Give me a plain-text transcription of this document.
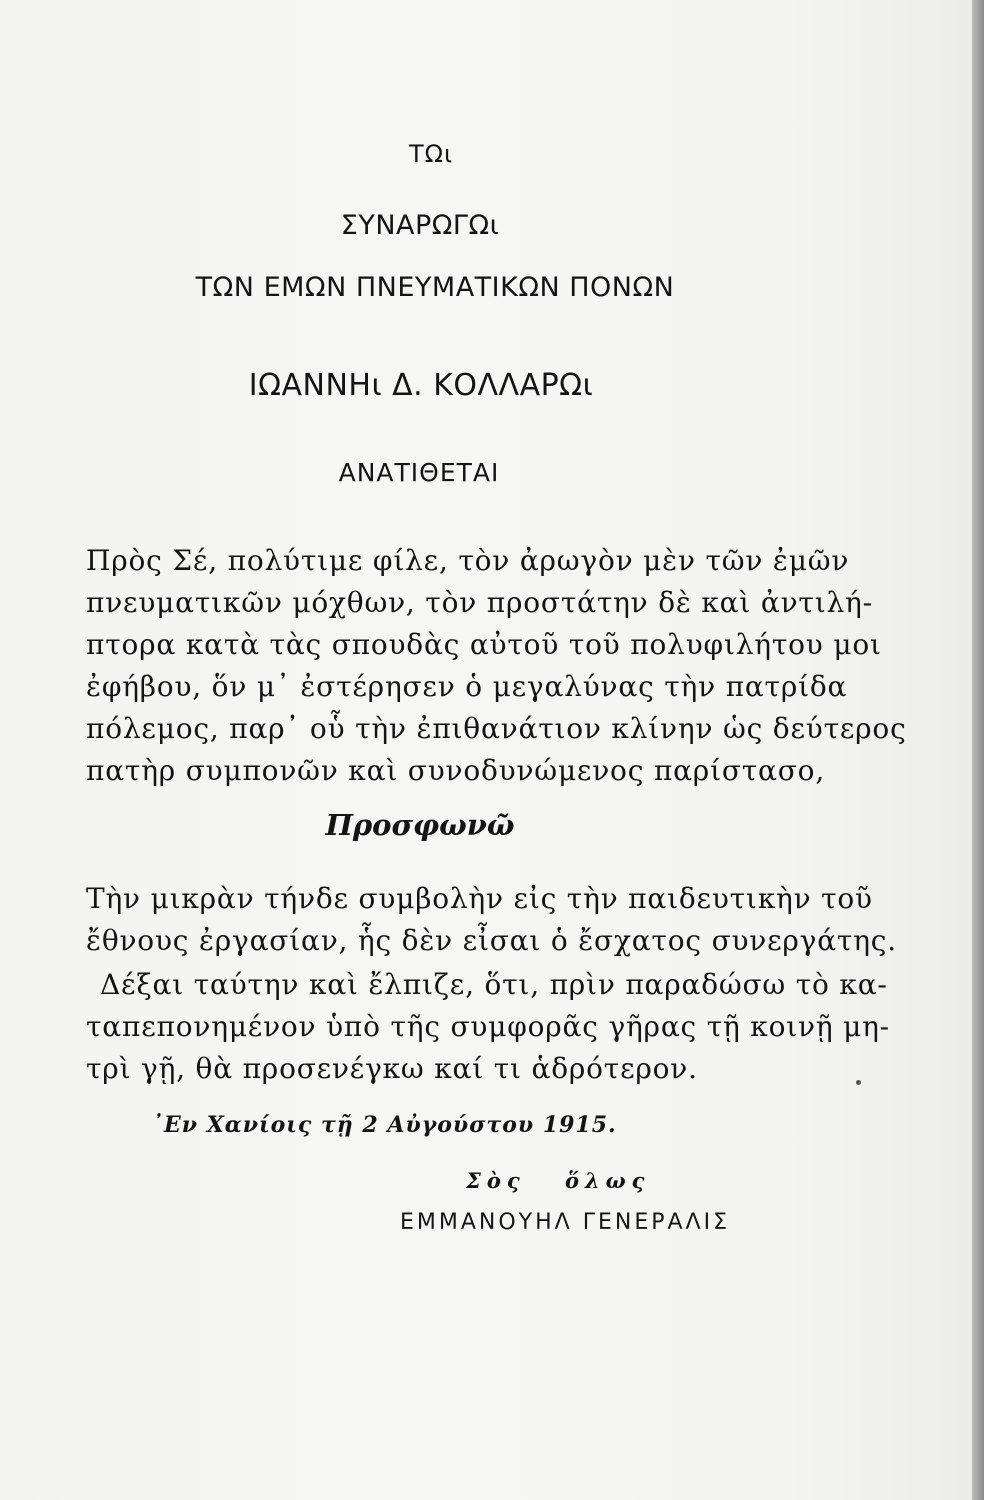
ΤΩι
ΣΥΝΑΡΩΓΩι
ΤΩΝ ΕΜΩΝ ΠΝΕΥΜΑΤΙΚΩΝ ΠΟΝΩΝ
ΙΩΑΝΝΗι Δ. ΚΟΛΛΑΡΩι
ΑΝΑΤΙΘΕΤΑΙ
Πρὸς Σέ, πολύτιμε φίλε, τὸν ἀρωγὸν μὲν τῶν ἐμῶν
πνευματικῶν μόχθων, τὸν προστάτην δὲ καὶ ἀντιλή-
πτορα κατὰ τὰς σπουδὰς αὐτοῦ τοῦ πολυφιλήτου μοι
ἐφήβου, ὅν μ᾽ ἐστέρησεν ὁ μεγαλύνας τὴν πατρίδα
πόλεμος, παρ᾽ οὗ τὴν ἐπιθανάτιον κλίνην ὡς δεύτερος
πατὴρ συμπονῶν καὶ συνοδυνώμενος παρίστασο,
Προσφωνῶ
Τὴν μικρὰν τήνδε συμβολὴν εἰς τὴν παιδευτικὴν τοῦ
ἔθνους ἐργασίαν, ἧς δὲν εἶσαι ὁ ἔσχατος συνεργάτης.
Δέξαι ταύτην καὶ ἔλπιζε, ὅτι, πρὶν παραδώσω τὸ κα-
ταπεπονημένον ὑπὸ τῆς συμφορᾶς γῆρας τῇ κοινῇ μη-
τρὶ γῇ, θὰ προσενέγκω καί τι ἁδρότερον.
᾽Εν Χανίοις τῇ 2 Αὐγούστου 1915.
Σὸς ὅλως
ΕΜΜΑΝΟΥΗΛ ΓΕΝΕΡΑΛΙΣ
